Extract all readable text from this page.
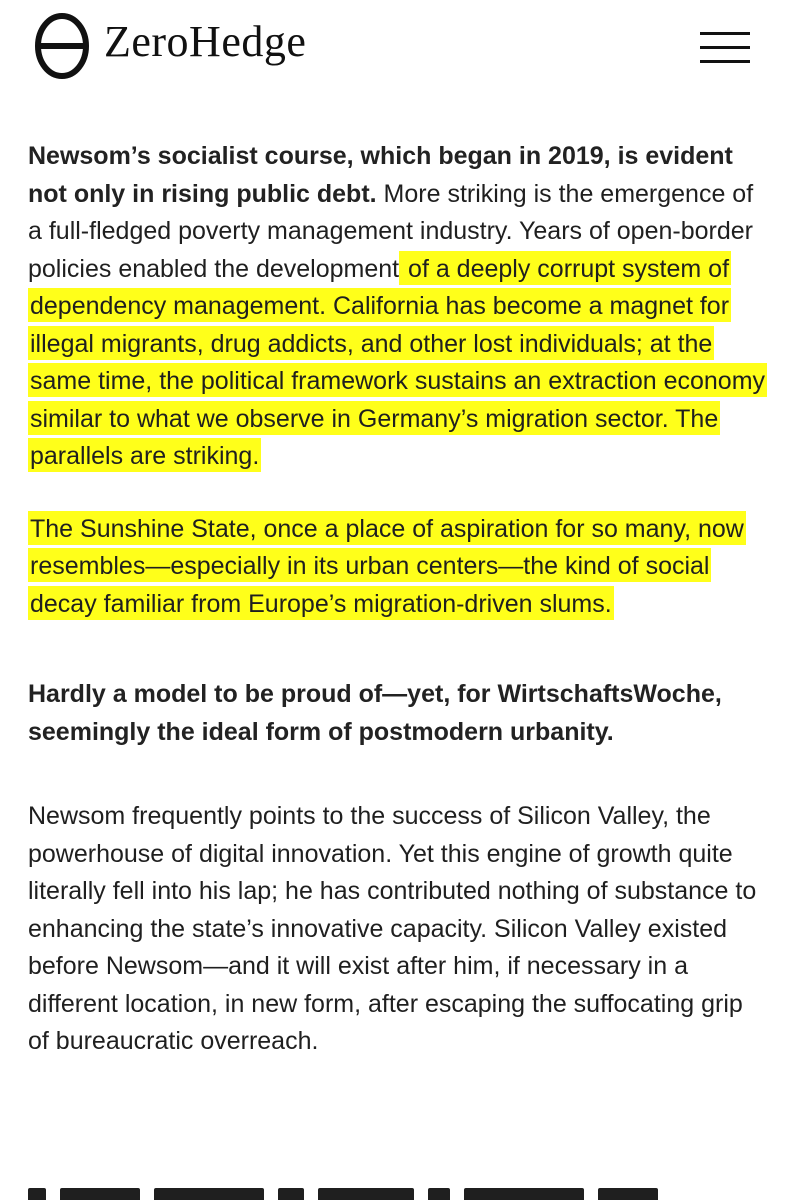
ZeroHedge

Newsom’s socialist course, which began in 2019, is evident not only in rising public debt. More striking is the emergence of a full-fledged poverty management industry. Years of open-border policies enabled the development of a deeply corrupt system of dependency management. California has become a magnet for illegal migrants, drug addicts, and other lost individuals; at the same time, the political framework sustains an extraction economy similar to what we observe in Germany’s migration sector. The parallels are striking.

The Sunshine State, once a place of aspiration for so many, now resembles—especially in its urban centers—the kind of social decay familiar from Europe’s migration-driven slums.

Hardly a model to be proud of—yet, for WirtschaftsWoche, seemingly the ideal form of postmodern urbanity.

Newsom frequently points to the success of Silicon Valley, the powerhouse of digital innovation. Yet this engine of growth quite literally fell into his lap; he has contributed nothing of substance to enhancing the state’s innovative capacity. Silicon Valley existed before Newsom—and it will exist after him, if necessary in a different location, in new form, after escaping the suffocating grip of bureaucratic overreach.
